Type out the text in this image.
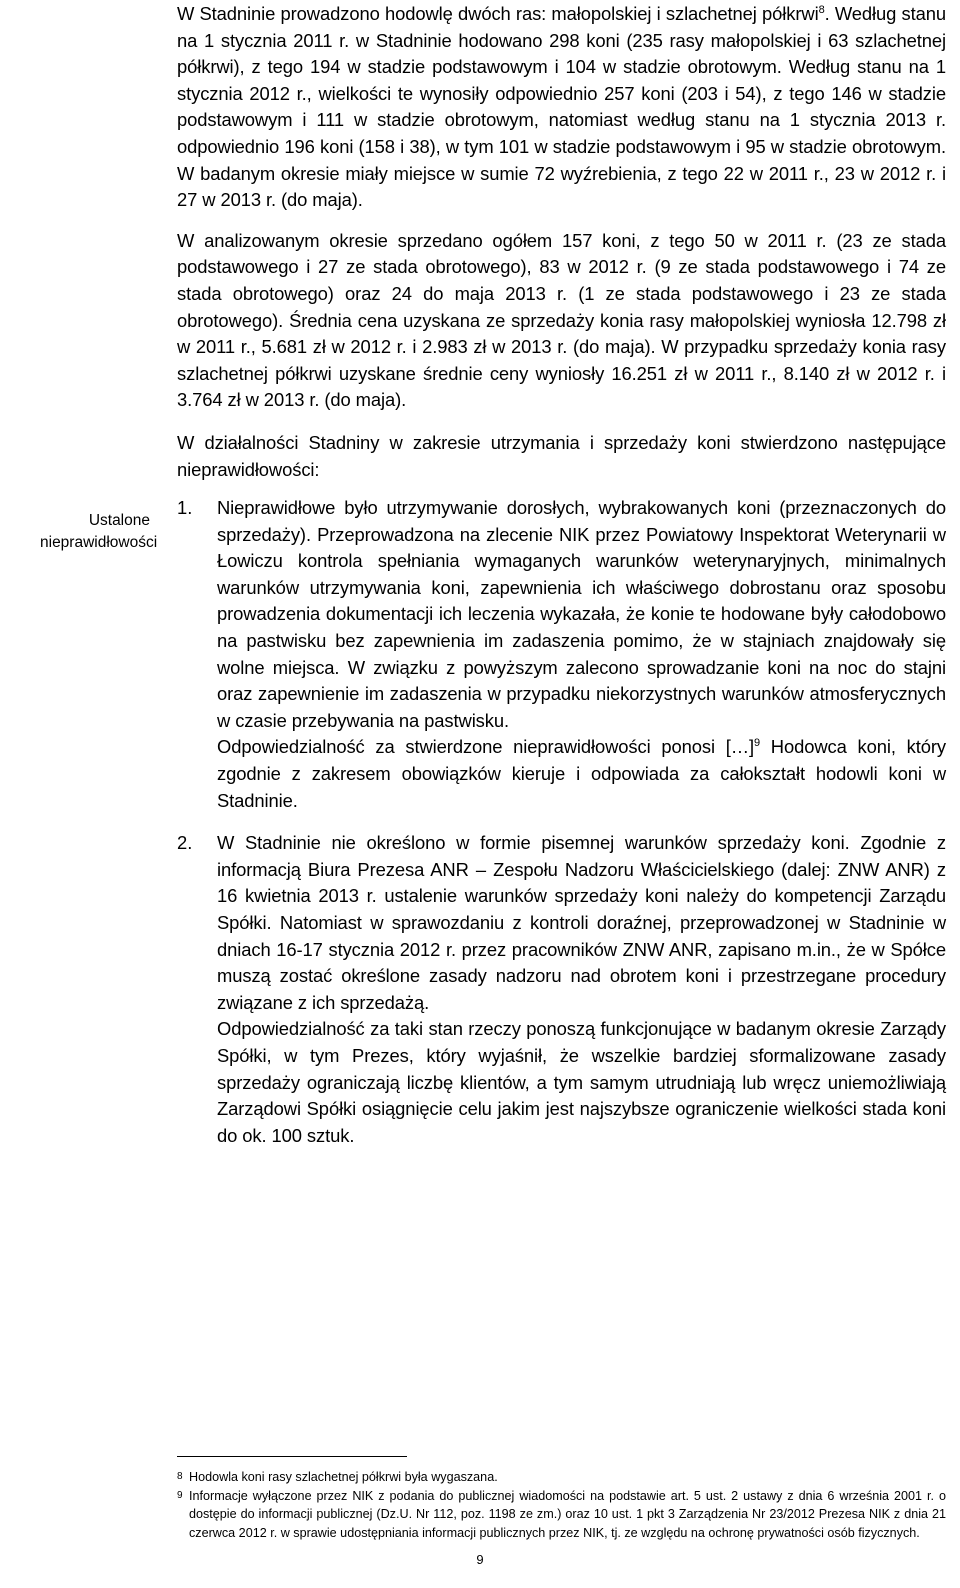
W Stadninie prowadzono hodowlę dwóch ras: małopolskiej i szlachetnej półkrwi$^8$. Według stanu na 1 stycznia 2011 r. w Stadninie hodowano 298 koni (235 rasy małopolskiej i 63 szlachetnej półkrwi), z tego 194 w stadzie podstawowym i 104 w stadzie obrotowym. Według stanu na 1 stycznia 2012 r., wielkości te wynosiły odpowiednio 257 koni (203 i 54), z tego 146 w stadzie podstawowym i 111 w stadzie obrotowym, natomiast według stanu na 1 stycznia 2013 r. odpowiednio 196 koni (158 i 38), w tym 101 w stadzie podstawowym i 95 w stadzie obrotowym. W badanym okresie miały miejsce w sumie 72 wyźrebienia, z tego 22 w 2011 r., 23 w 2012 r. i 27 w 2013 r. (do maja).

W analizowanym okresie sprzedano ogółem 157 koni, z tego 50 w 2011 r. (23 ze stada podstawowego i 27 ze stada obrotowego), 83 w 2012 r. (9 ze stada podstawowego i 74 ze stada obrotowego) oraz 24 do maja 2013 r. (1 ze stada podstawowego i 23 ze stada obrotowego). Średnia cena uzyskana ze sprzedaży konia rasy małopolskiej wyniosła 12.798 zł w 2011 r., 5.681 zł w 2012 r. i 2.983 zł w 2013 r. (do maja). W przypadku sprzedaży konia rasy szlachetnej półkrwi uzyskane średnie ceny wyniosły 16.251 zł w 2011 r., 8.140 zł w 2012 r. i 3.764 zł w 2013 r. (do maja).

W działalności Stadniny w zakresie utrzymania i sprzedaży koni stwierdzono następujące nieprawidłowości:

1.	Nieprawidłowe było utrzymywanie dorosłych, wybrakowanych koni (przeznaczonych do sprzedaży). Przeprowadzona na zlecenie NIK przez Powiatowy Inspektorat Weterynarii w Łowiczu kontrola spełniania wymaganych warunków weterynaryjnych, minimalnych warunków utrzymywania koni, zapewnienia ich właściwego dobrostanu oraz sposobu prowadzenia dokumentacji ich leczenia wykazała, że konie te hodowane były całodobowo na pastwisku bez zapewnienia im zadaszenia pomimo, że w stajniach znajdowały się wolne miejsca. W związku z powyższym zalecono sprowadzanie koni na noc do stajni oraz zapewnienie im zadaszenia w przypadku niekorzystnych warunków atmosferycznych w czasie przebywania na pastwisku.

Odpowiedzialność za stwierdzone nieprawidłowości ponosi […]$^9$ Hodowca koni, który zgodnie z zakresem obowiązków kieruje i odpowiada za całokształt hodowli koni w Stadninie.

2.	W Stadninie nie określono w formie pisemnej warunków sprzedaży koni. Zgodnie z informacją Biura Prezesa ANR – Zespołu Nadzoru Właścicielskiego (dalej: ZNW ANR) z 16 kwietnia 2013 r. ustalenie warunków sprzedaży koni należy do kompetencji Zarządu Spółki. Natomiast w sprawozdaniu z kontroli doraźnej, przeprowadzonej w Stadninie w dniach 16-17 stycznia 2012 r. przez pracowników ZNW ANR, zapisano m.in., że w Spółce muszą zostać określone zasady nadzoru nad obrotem koni i przestrzegane procedury związane z ich sprzedażą.

Odpowiedzialność za taki stan rzeczy ponoszą funkcjonujące w badanym okresie Zarządy Spółki, w tym Prezes, który wyjaśnił, że wszelkie bardziej sformalizowane zasady sprzedaży ograniczają liczbę klientów, a tym samym utrudniają lub wręcz uniemożliwiają Zarządowi Spółki osiągnięcie celu jakim jest najszybsze ograniczenie wielkości stada koni do ok. 100 sztuk.

Ustalone nieprawidłowości
8 Hodowla koni rasy szlachetnej półkrwi była wygaszana.
9 Informacje wyłączone przez NIK z podania do publicznej wiadomości na podstawie art. 5 ust. 2 ustawy z dnia 6 września 2001 r. o dostępie do informacji publicznej (Dz.U. Nr 112, poz. 1198 ze zm.) oraz 10 ust. 1 pkt 3 Zarządzenia Nr 23/2012 Prezesa NIK z dnia 21 czerwca 2012 r. w sprawie udostępniania informacji publicznych przez NIK, tj. ze względu na ochronę prywatności osób fizycznych.
9
